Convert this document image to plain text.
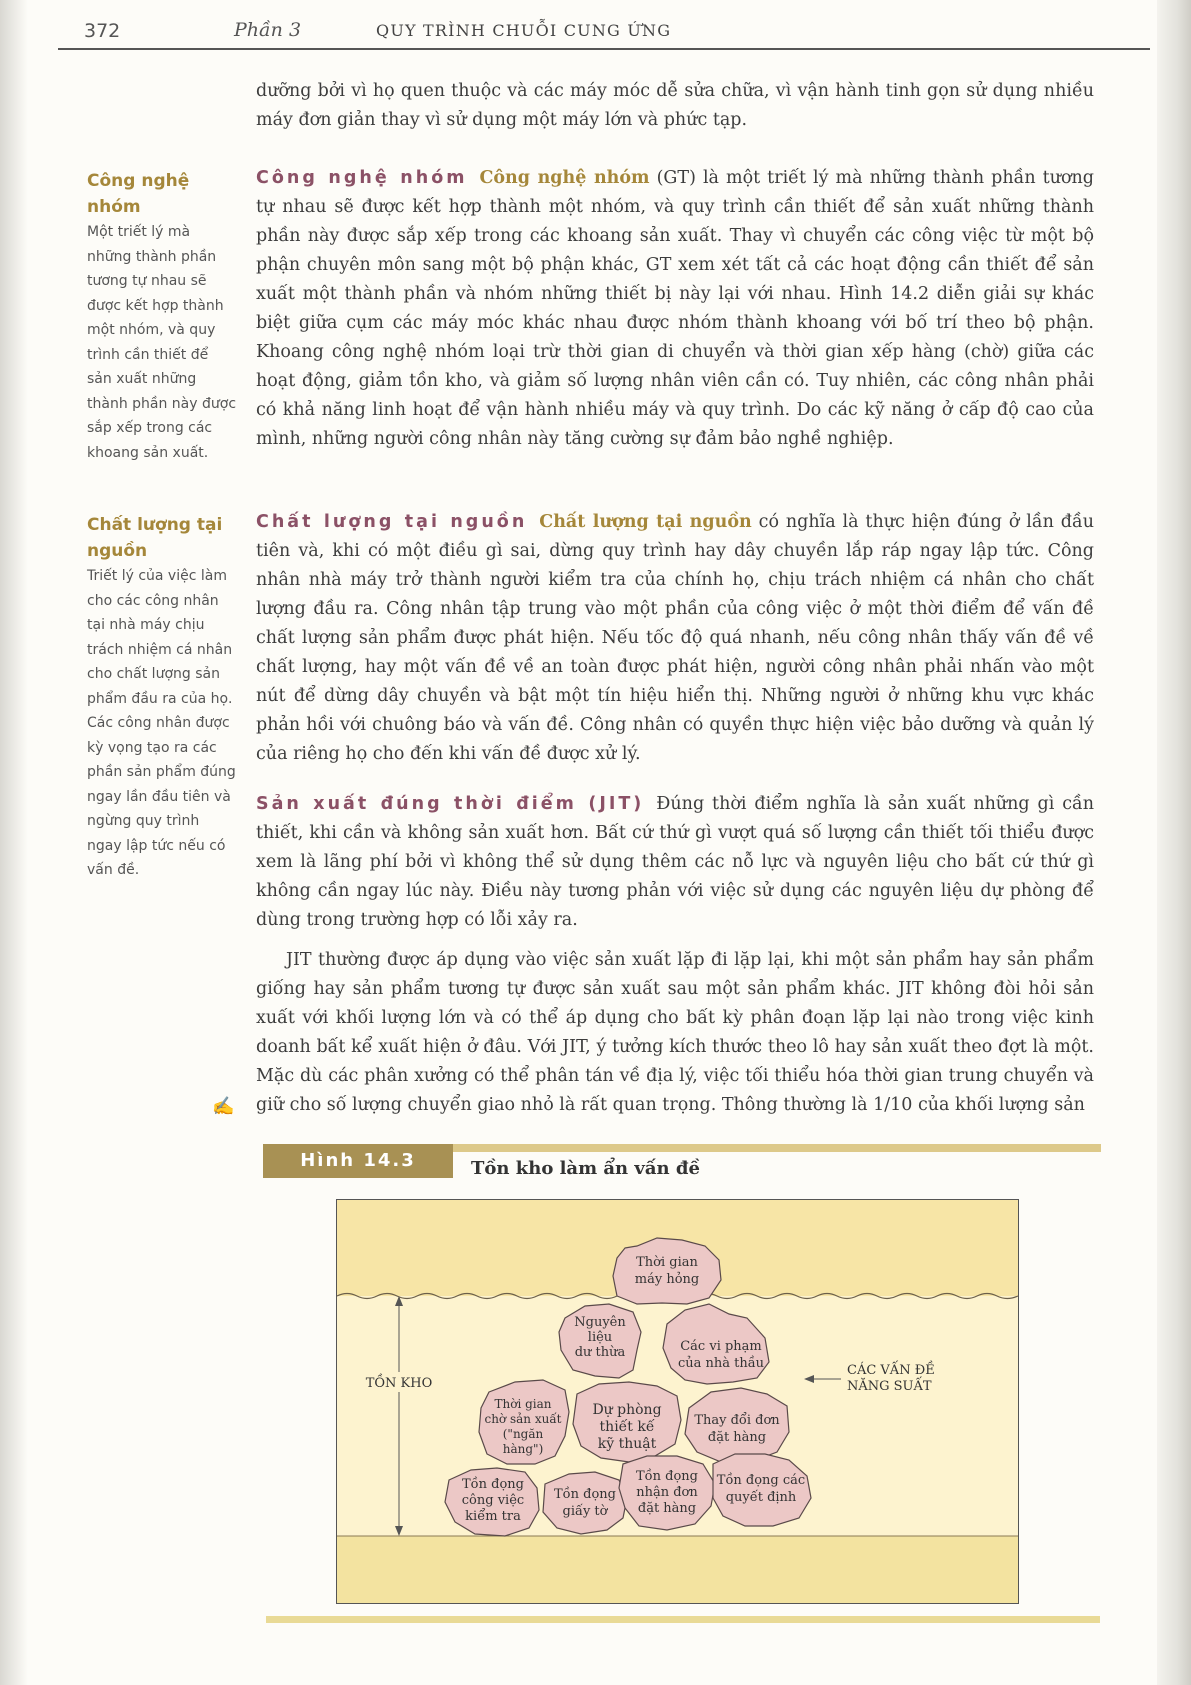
372	Phần 3	QUY TRÌNH CHUỖI CUNG ỨNG
Công nghệ nhóm
Một triết lý mà những thành phần tương tự nhau sẽ được kết hợp thành một nhóm, và quy trình cần thiết để sản xuất những thành phần này được sắp xếp trong các khoang sản xuất.
Chất lượng tại nguồn
Triết lý của việc làm cho các công nhân tại nhà máy chịu trách nhiệm cá nhân cho chất lượng sản phẩm đầu ra của họ. Các công nhân được kỳ vọng tạo ra các phần sản phẩm đúng ngay lần đầu tiên và ngừng quy trình ngay lập tức nếu có vấn đề.

dưỡng bởi vì họ quen thuộc và các máy móc dễ sửa chữa, vì vận hành tinh gọn sử dụng nhiều máy đơn giản thay vì sử dụng một máy lớn và phức tạp.

Công nghệ nhóm Công nghệ nhóm (GT) là một triết lý mà những thành phần tương tự nhau sẽ được kết hợp thành một nhóm, và quy trình cần thiết để sản xuất những thành phần này được sắp xếp trong các khoang sản xuất. Thay vì chuyển các công việc từ một bộ phận chuyên môn sang một bộ phận khác, GT xem xét tất cả các hoạt động cần thiết để sản xuất một thành phần và nhóm những thiết bị này lại với nhau. Hình 14.2 diễn giải sự khác biệt giữa cụm các máy móc khác nhau được nhóm thành khoang với bố trí theo bộ phận. Khoang công nghệ nhóm loại trừ thời gian di chuyển và thời gian xếp hàng (chờ) giữa các hoạt động, giảm tồn kho, và giảm số lượng nhân viên cần có. Tuy nhiên, các công nhân phải có khả năng linh hoạt để vận hành nhiều máy và quy trình. Do các kỹ năng ở cấp độ cao của mình, những người công nhân này tăng cường sự đảm bảo nghề nghiệp.

Chất lượng tại nguồn Chất lượng tại nguồn có nghĩa là thực hiện đúng ở lần đầu tiên và, khi có một điều gì sai, dừng quy trình hay dây chuyền lắp ráp ngay lập tức. Công nhân nhà máy trở thành người kiểm tra của chính họ, chịu trách nhiệm cá nhân cho chất lượng đầu ra. Công nhân tập trung vào một phần của công việc ở một thời điểm để vấn đề chất lượng sản phẩm được phát hiện. Nếu tốc độ quá nhanh, nếu công nhân thấy vấn đề về chất lượng, hay một vấn đề về an toàn được phát hiện, người công nhân phải nhấn vào một nút để dừng dây chuyền và bật một tín hiệu hiển thị. Những người ở những khu vực khác phản hồi với chuông báo và vấn đề. Công nhân có quyền thực hiện việc bảo dưỡng và quản lý của riêng họ cho đến khi vấn đề được xử lý.

Sản xuất đúng thời điểm (JIT) Đúng thời điểm nghĩa là sản xuất những gì cần thiết, khi cần và không sản xuất hơn. Bất cứ thứ gì vượt quá số lượng cần thiết tối thiểu được xem là lãng phí bởi vì không thể sử dụng thêm các nỗ lực và nguyên liệu cho bất cứ thứ gì không cần ngay lúc này. Điều này tương phản với việc sử dụng các nguyên liệu dự phòng để dùng trong trường hợp có lỗi xảy ra.

JIT thường được áp dụng vào việc sản xuất lặp đi lặp lại, khi một sản phẩm hay sản phẩm giống hay sản phẩm tương tự được sản xuất sau một sản phẩm khác. JIT không đòi hỏi sản xuất với khối lượng lớn và có thể áp dụng cho bất kỳ phân đoạn lặp lại nào trong việc kinh doanh bất kể xuất hiện ở đâu. Với JIT, ý tưởng kích thước theo lô hay sản xuất theo đợt là một. Mặc dù các phân xưởng có thể phân tán về địa lý, việc tối thiểu hóa thời gian trung chuyển và giữ cho số lượng chuyển giao nhỏ là rất quan trọng. Thông thường là 1/10 của khối lượng sản

✍
Hình 14.3	Tồn kho làm ẩn vấn đề
Thời gian máy hỏng
Nguyên liệu dư thừa	Các vi phạm của nhà thầu
Thời gian chờ sản xuất ("ngăn hàng")
Dự phòng thiết kế kỹ thuật
Thay đổi đơn đặt hàng
Tồn đọng công việc kiểm tra
Tồn đọng giấy tờ
Tồn đọng nhận đơn đặt hàng
Tồn đọng các quyết định
TỒN KHO
CÁC VẤN ĐỀ NĂNG SUẤT
